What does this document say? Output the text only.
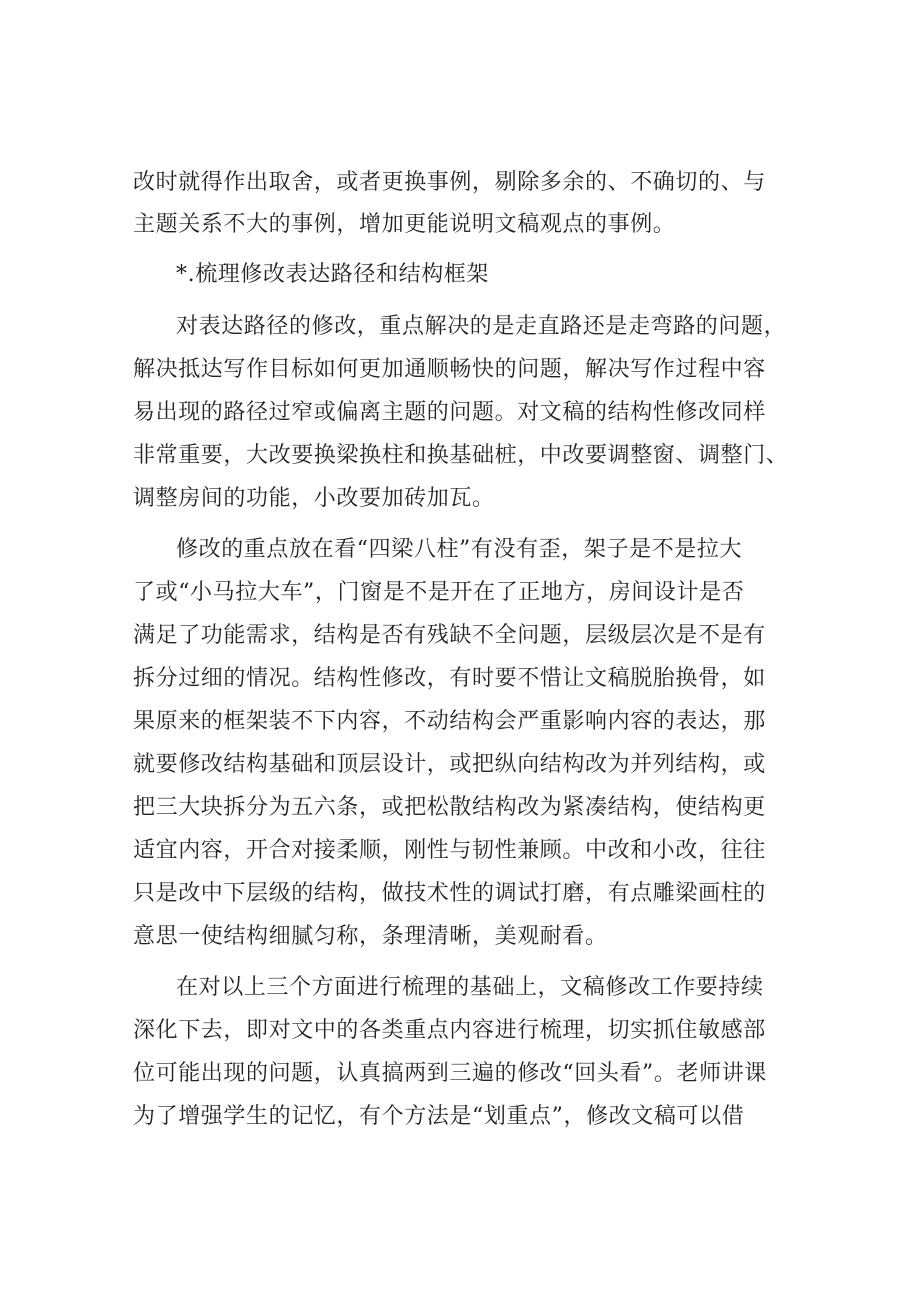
改时就得作出取舍，或者更换事例，剔除多余的、不确切的、与

主题关系不大的事例，增加更能说明文稿观点的事例。

*.梳理修改表达路径和结构框架

对表达路径的修改，重点解决的是走直路还是走弯路的问题，

解决抵达写作目标如何更加通顺畅快的问题，解决写作过程中容

易出现的路径过窄或偏离主题的问题。对文稿的结构性修改同样

非常重要，大改要换梁换柱和换基础桩，中改要调整窗、调整门、

调整房间的功能，小改要加砖加瓦。

修改的重点放在看“四梁八柱”有没有歪，架子是不是拉大

了或“小马拉大车”，门窗是不是开在了正地方，房间设计是否

满足了功能需求，结构是否有残缺不全问题，层级层次是不是有

拆分过细的情况。结构性修改，有时要不惜让文稿脱胎换骨，如

果原来的框架装不下内容，不动结构会严重影响内容的表达，那

就要修改结构基础和顶层设计，或把纵向结构改为并列结构，或

把三大块拆分为五六条，或把松散结构改为紧凑结构，使结构更

适宜内容，开合对接柔顺，刚性与韧性兼顾。中改和小改，往往

只是改中下层级的结构，做技术性的调试打磨，有点雕梁画柱的

意思一使结构细腻匀称，条理清晰，美观耐看。

在对以上三个方面进行梳理的基础上，文稿修改工作要持续

深化下去，即对文中的各类重点内容进行梳理，切实抓住敏感部

位可能出现的问题，认真搞两到三遍的修改“回头看”。老师讲课

为了增强学生的记忆，有个方法是“划重点”，修改文稿可以借
